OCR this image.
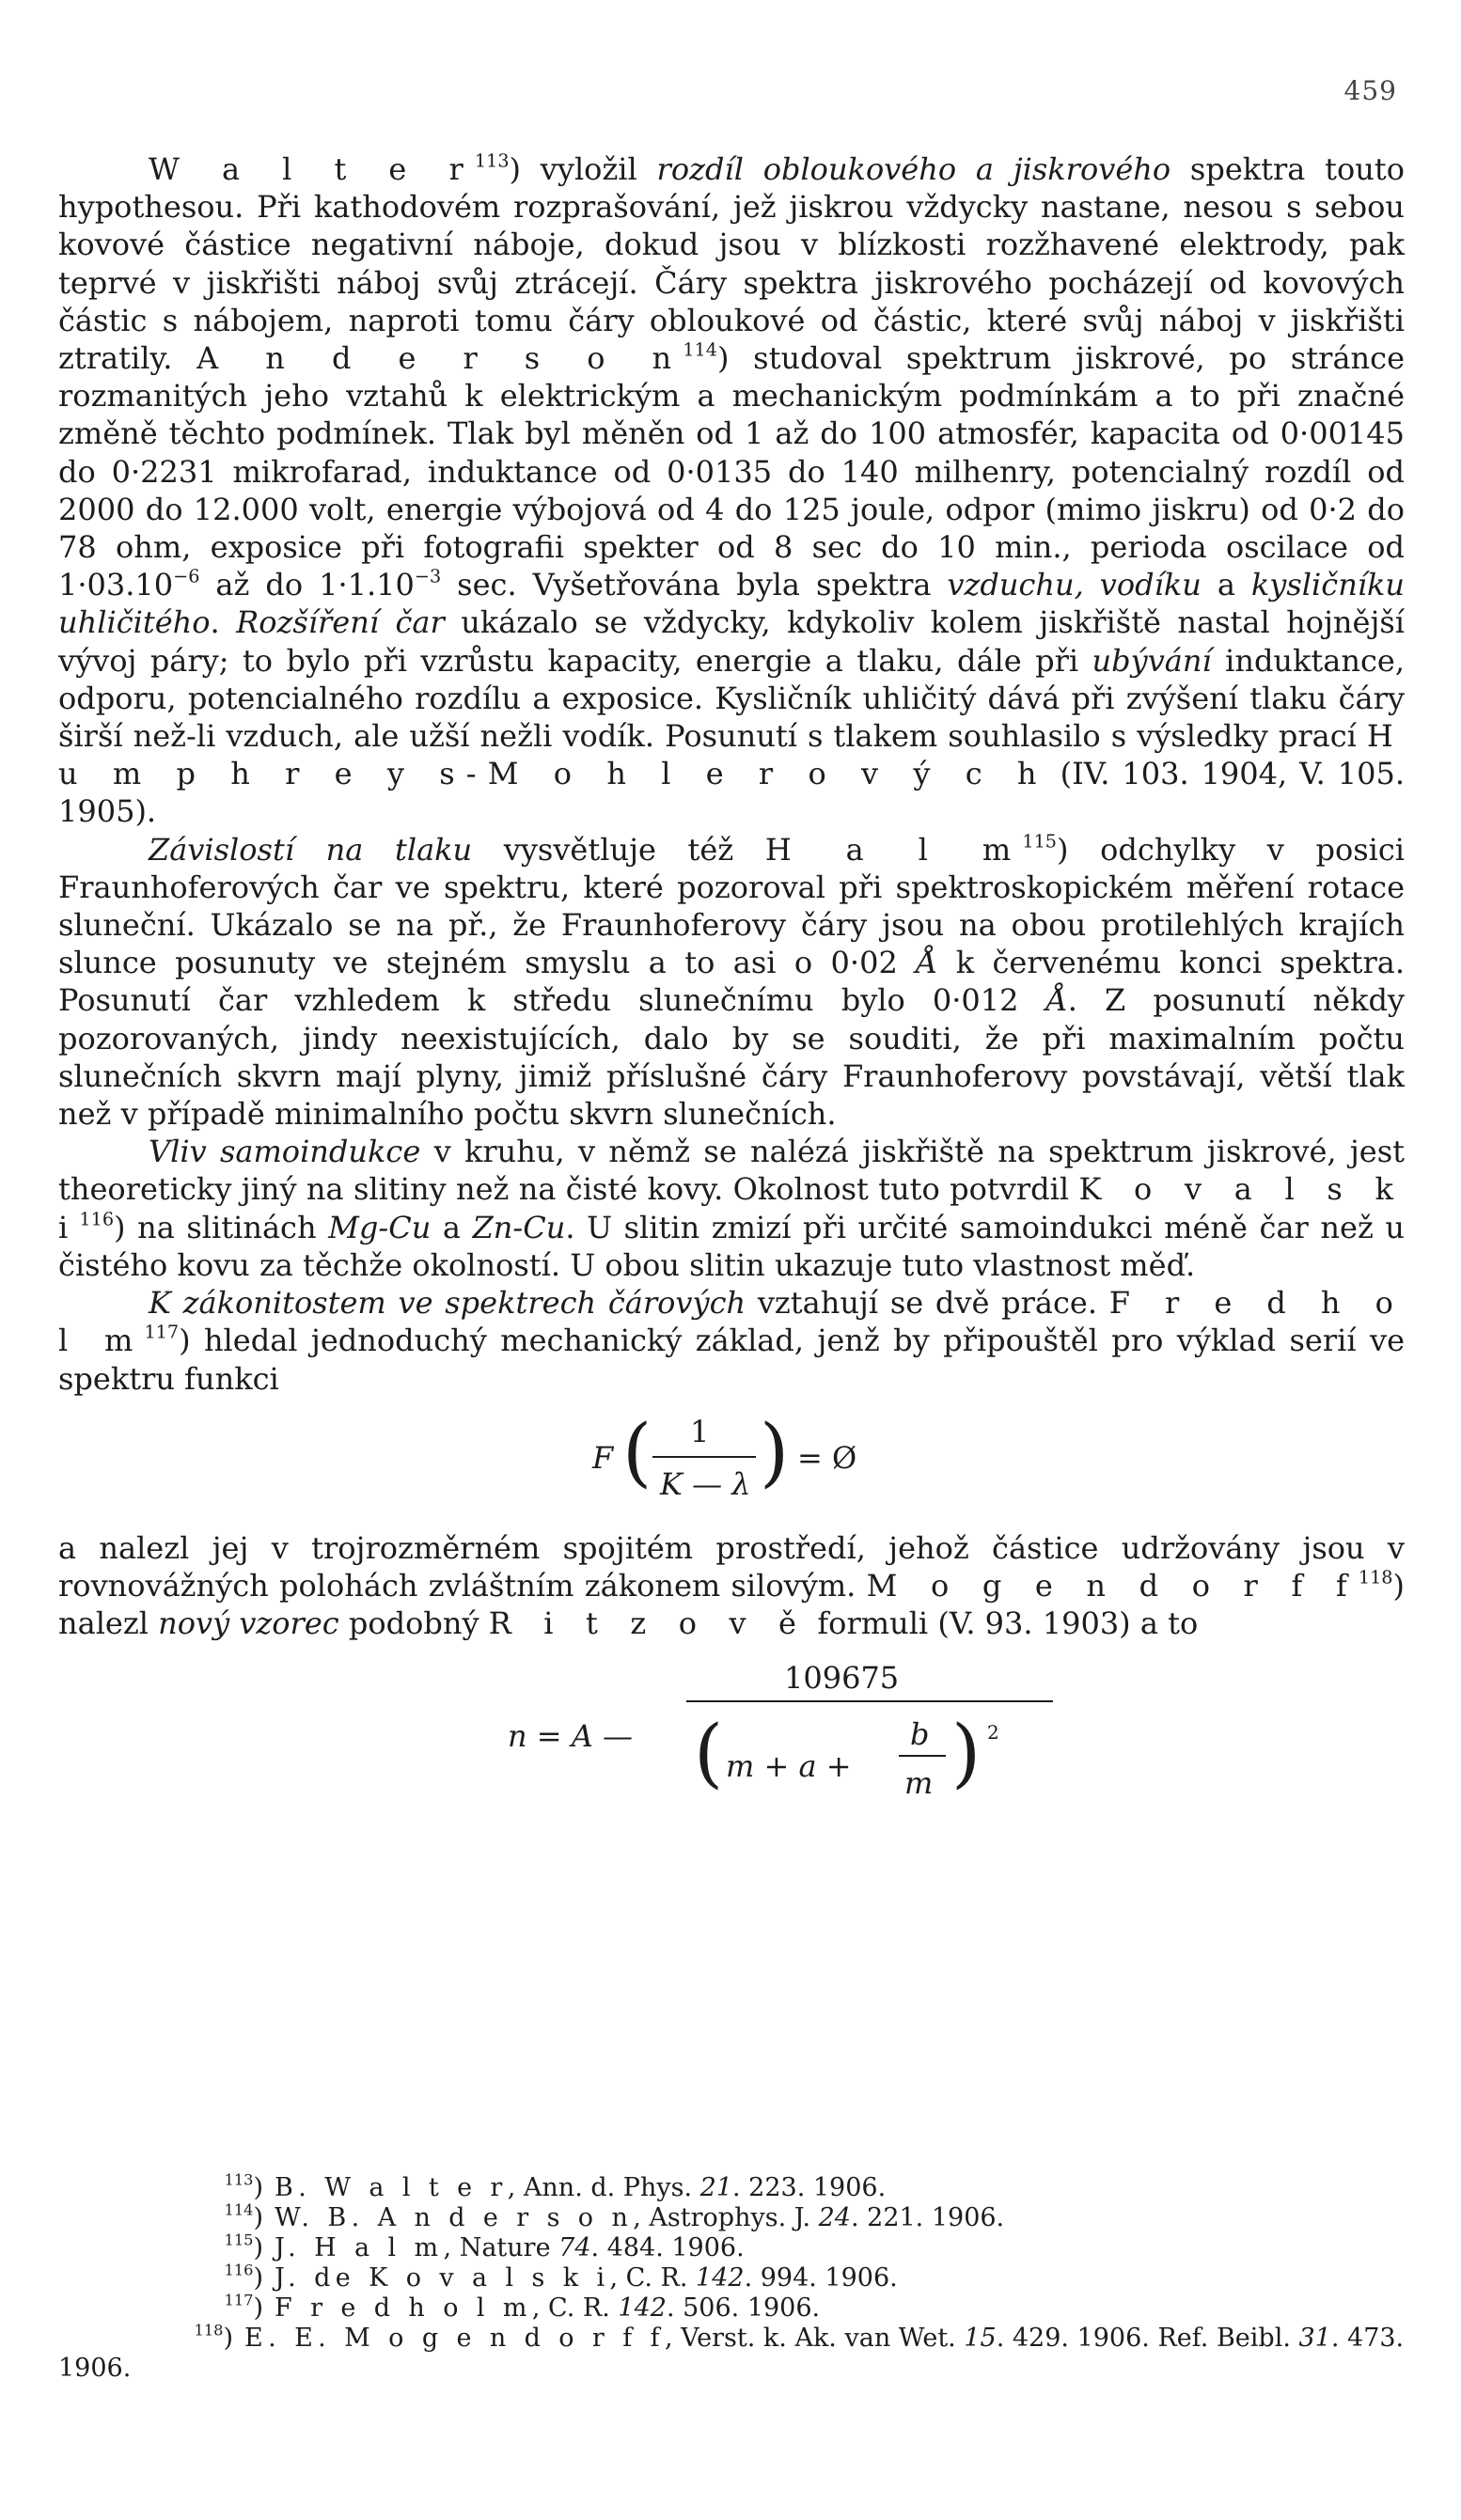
459

W a l t e $r^{113}$) vyložil rozdíl obloukového a jiskrového spektra touto hypothesou. Při kathodovém rozprašování, jež jiskrou vždycky nastane, nesou s sebou kovové částice negativní náboje, dokud jsou v blízkosti rozžhavené elektrody, pak teprvé v jiskřišti náboj svůj ztrácejí. Čáry spektra jiskrového pocházejí od kovových částic s nábojem, naproti tomu čáry obloukové od částic, které svůj náboj v jiskřišti ztratily. A n d e r s o $n^{114}$) studoval spektrum jiskrové, po stránce rozmanitých jeho vztahů k elektrickým a mechanickým podmínkám a to při značné změně těchto podmínek. Tlak byl měněn od 1 až do 100 atmosfér, kapacita od 0·00145 do 0·2231 mikrofarad, induktance od 0·0135 do 140 milhenry, potencialný rozdíl od 2000 do 12.000 volt, energie výbojová od 4 do 125 joule, odpor (mimo jiskru) od 0·2 do 78 ohm, exposice při fotografii spekter od 8 sec do 10 min., perioda oscilace od $1\cdot 03.10^{-6}$ až do $1\cdot 1.10^{-3}$ sec. Vyšetřována byla spektra vzduchu, vodíku a kysličníku uhličitého. Rozšíření čar ukázalo se vždycky, kdykoliv kolem jiskřiště nastal hojnější vývoj páry; to bylo při vzrůstu kapacity, energie a tlaku, dále při ubývání induktance, odporu, potencialného rozdílu a exposice. Kysličník uhličitý dává při zvýšení tlaku čáry širší než-li vzduch, ale užší nežli vodík. Posunutí s tlakem souhlasilo s výsledky prací H u m p h r e y s-M o h l e r o v ý c h (IV. 103. 1904, V. 105. 1905).

Závislostí na tlaku vysvětluje též H a l $m^{115}$) odchylky v posici Fraunhoferových čar ve spektru, které pozoroval při spektroskopickém měření rotace sluneční. Ukázalo se na př., že Fraunhoferovy čáry jsou na obou protilehlých krajích slunce posunuty ve stejném smyslu a to asi o 0·02 Å k červenému konci spektra. Posunutí čar vzhledem k středu slunečnímu bylo 0·012 Å. Z posunutí někdy pozorovaných, jindy neexistujících, dalo by se souditi, že při maximalním počtu slunečních skvrn mají plyny, jimiž příslušné čáry Fraunhoferovy povstávají, větší tlak než v případě minimalního počtu skvrn slunečních.

Vliv samoindukce v kruhu, v němž se nalézá jiskřiště na spektrum jiskrové, jest theoreticky jiný na slitiny než na čisté kovy. Okolnost tuto potvrdil K o v a l s k $i^{116}$) na slitinách Mg-Cu a Zn-Cu. U slitin zmizí při určité samoindukci méně čar než u čistého kovu za těchže okolností. U obou slitin ukazuje tuto vlastnost měď.

K zákonitostem ve spektrech čárových vztahují se dvě práce. F r e d h o l $m^{117}$) hledal jednoduchý mechanický základ, jenž by připouštěl pro výklad serií ve spektru funkci

F ( 1
K — λ ) = Ø

a nalezl jej v trojrozměrném spojitém prostředí, jehož částice udržovány jsou v rovnovážných polohách zvláštním zákonem silovým. M o g e n d o r f $f^{118}$) nalezl nový vzorec podobný R i t z o v ě formuli (V. 93. 1903) a to

n = A —
109675
( m + a +
b
m ) 2
$^{113}$) B. W a l t e r, Ann. d. Phys. 21. 223. 1906.
$^{114}$) W. B. A n d e r s o n, Astrophys. J. 24. 221. 1906.
$^{115}$) J. H a l m, Nature 74. 484. 1906.
$^{116}$) J. de K o v a l s k i, C. R. 142. 994. 1906.
$^{117}$) F r e d h o l m, C. R. 142. 506. 1906.
$^{118}$) E. E. M o g e n d o r f f, Verst. k. Ak. van Wet. 15. 429. 1906. Ref. Beibl. 31. 473. 1906.
